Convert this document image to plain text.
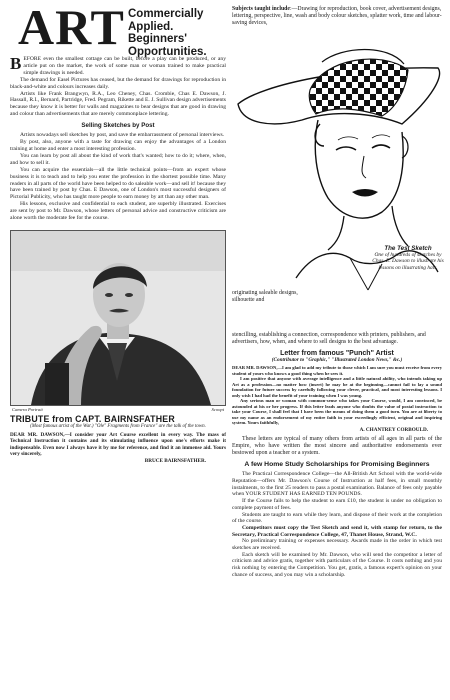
ART Commercially Applied.
Beginners'
Opportunities.

BEFORE even the smallest cottage can be built, before a play can be produced, or any article put on the market, the work of some man or woman trained to make practical simple drawings is needed.

The demand for Easel Pictures has ceased, but the demand for drawings for reproduction in black-and-white and colours increases daily.

Artists like Frank Brangwyn, R.A., Leo Cheney, Chas. Crombie, Chas E. Dawson, J. Hassall, R.I., Bernard, Partridge, Fred. Pegram, Rikette and E. J. Sullivan design advertisements because they know it is better for walls and magazines to bear designs that are good in drawing and colour than advertisements that are merely commonplace lettering.

Selling Sketches by Post

Artists nowadays sell sketches by post, and save the embarrassment of personal interviews.

By post, also, anyone with a taste for drawing can enjoy the advantages of a London training at home and enter a most interesting profession.

You can learn by post all about the kind of work that's wanted; how to do it; where, when, and how to sell it.

You can acquire the essentials—all the little technical points—from an expert whose business it is to teach and to help you enter the profession in the shortest possible time. Many readers in all parts of the world have been helped to do saleable work—and sell it! because they have been trained by post by Chas. E Dawson, one of London's most successful designers of Pictorial Publicity, who has taught more people to earn money by art than any other man.

His lessons, exclusive and confidential to each student, are superbly illustrated. Exercises are sent by post to Mr. Dawson, whose letters of personal advice and constructive criticism are alone worth the moderate fee for the course.

Camera Portrait	Scoopt
TRIBUTE from CAPT. BAIRNSFATHER
(Most famous artist of the War.) "Ole" Fragments from France" are the talk of the town.

DEAR MR. DAWSON,—I consider your Art Course excellent in every way. The mass of Technical Instruction it contains and its stimulating influence upon one's efforts make it indispensable. Even now I always have it by me for reference, and find it an immense aid. Yours very sincerely,

BRUCE BAIRNSFATHER.

Subjects taught include:—Drawing for reproduction, book cover, advertisement designs, lettering, perspective, line, wash and body colour sketches, splatter work, time and labour-saving devices,

The Test Sketch
One of hundreds of sketches by Chas. E. Dawson to illustrate his lessons on illustrating hats.
originating saleable designs, silhouette and

stencilling, establishing a connection, correspondence with printers, publishers, and advertisers, how, when, and where to sell designs to the best advantage.

Letter from famous "Punch" Artist
(Contributor to "Graphic," "Illustrated London News," &c.)

DEAR MR. DAWSON,—I am glad to add my tribute to those which I am sure you must receive from every student of yours who knows a good thing when he sees it.

I am positive that anyone with average intelligence and a little natural ability, who intends taking up Art as a profession—no matter how (insert) he may be at the beginning—cannot fail to lay a sound foundation for future success by carefully following your clever, practical, and most interesting lessons. I only wish I had had the benefit of your training when I was young.

Any serious man or woman with common-sense who takes your Course, would, I am convinced, be astounded at his or her progress. If this letter leads anyone who doubts the value of postal instruction to take your Course, I shall feel that I have been the means of doing them a good turn. You are at liberty to use my name as an endorsement of my entire faith in your exceedingly efficient, original and inspiring system. Yours faithfully,

A. CHANTREY CORBOULD.

These letters are typical of many others from artists of all ages in all parts of the Empire, who have written the most sincere and authoritative endorsements ever bestowed upon a teacher or a system.

A few Home Study Scholarships for Promising Beginners

The Practical Correspondence College—the All-British Art School with the world-wide Reputation—offers Mr. Dawson's Course of Instruction at half fees, in small monthly instalments, to the first 25 readers to pass a postal examination. Balance of fees only payable when YOUR STUDENT HAS EARNED TEN POUNDS.

If the Course fails to help the student to earn £10, the student is under no obligation to complete payment of fees.

Students are taught to earn while they learn, and dispose of their work at the completion of the course.

Competitors must copy the Test Sketch and send it, with stamp for return, to the Secretary, Practical Correspondence College, 47, Thanet House, Strand, W.C.

No preliminary training or expenses necessary. Awards made in the order in which test sketches are received.

Each sketch will be examined by Mr. Dawson, who will send the competitor a letter of criticism and advice gratis, together with particulars of the Course. It costs nothing and you risk nothing by entering the Competition. You get, gratis, a famous expert's opinion on your chance of success, and you may win a scholarship.
